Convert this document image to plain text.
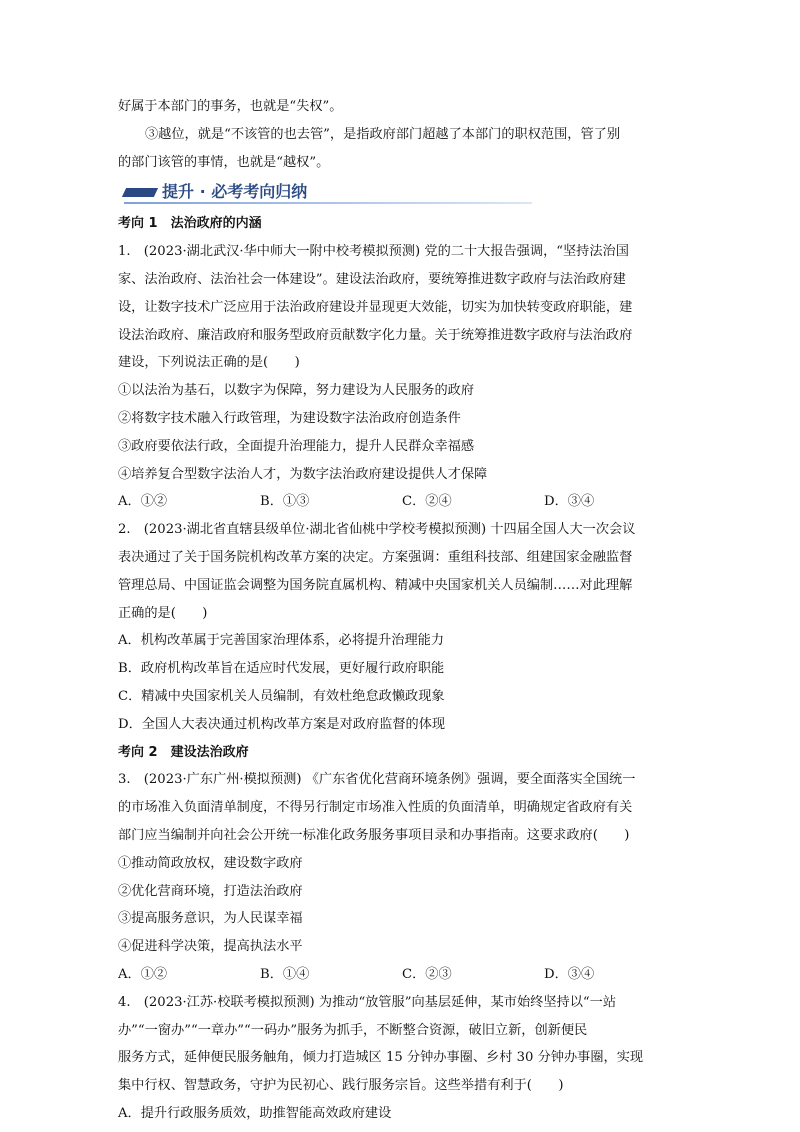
好属于本部门的事务，也就是“失权”。

③越位，就是“不该管的也去管”，是指政府部门超越了本部门的职权范围，管了别

的部门该管的事情，也就是“越权”。

提升 · 必考考向归纳

考向 1　法治政府的内涵

1.　(2023·湖北武汉·华中师大一附中校考模拟预测) 党的二十大报告强调，“坚持法治国

家、法治政府、法治社会一体建设”。建设法治政府，要统筹推进数字政府与法治政府建

设，让数字技术广泛应用于法治政府建设并显现更大效能，切实为加快转变政府职能，建

设法治政府、廉洁政府和服务型政府贡献数字化力量。关于统筹推进数字政府与法治政府

建设，下列说法正确的是(　　)

①以法治为基石，以数字为保障，努力建设为人民服务的政府

②将数字技术融入行政管理，为建设数字法治政府创造条件

③政府要依法行政，全面提升治理能力，提升人民群众幸福感

④培养复合型数字法治人才，为数字法治政府建设提供人才保障

A．①②	B．①③	C．②④	D．③④

2.　(2023·湖北省直辖县级单位·湖北省仙桃中学校考模拟预测) 十四届全国人大一次会议

表决通过了关于国务院机构改革方案的决定。方案强调：重组科技部、组建国家金融监督

管理总局、中国证监会调整为国务院直属机构、精减中央国家机关人员编制……对此理解

正确的是(　　)

A．机构改革属于完善国家治理体系，必将提升治理能力

B．政府机构改革旨在适应时代发展，更好履行政府职能

C．精减中央国家机关人员编制，有效杜绝怠政懒政现象

D．全国人大表决通过机构改革方案是对政府监督的体现

考向 2　建设法治政府

3.　(2023·广东广州·模拟预测) 《广东省优化营商环境条例》强调，要全面落实全国统一

的市场准入负面清单制度，不得另行制定市场准入性质的负面清单，明确规定省政府有关

部门应当编制并向社会公开统一标准化政务服务事项目录和办事指南。这要求政府(　　)

①推动简政放权，建设数字政府

②优化营商环境，打造法治政府

③提高服务意识，为人民谋幸福

④促进科学决策，提高执法水平

A．①②	B．①④	C．②③	D．③④

4.　(2023·江苏·校联考模拟预测) 为推动“放管服”向基层延伸，某市始终坚持以“一站

办”“一窗办”“一章办”“一码办”服务为抓手，不断整合资源，破旧立新，创新便民

服务方式，延伸便民服务触角，倾力打造城区 15 分钟办事圈、乡村 30 分钟办事圈，实现

集中行权、智慧政务，守护为民初心、践行服务宗旨。这些举措有利于(　　)

A．提升行政服务质效，助推智能高效政府建设
